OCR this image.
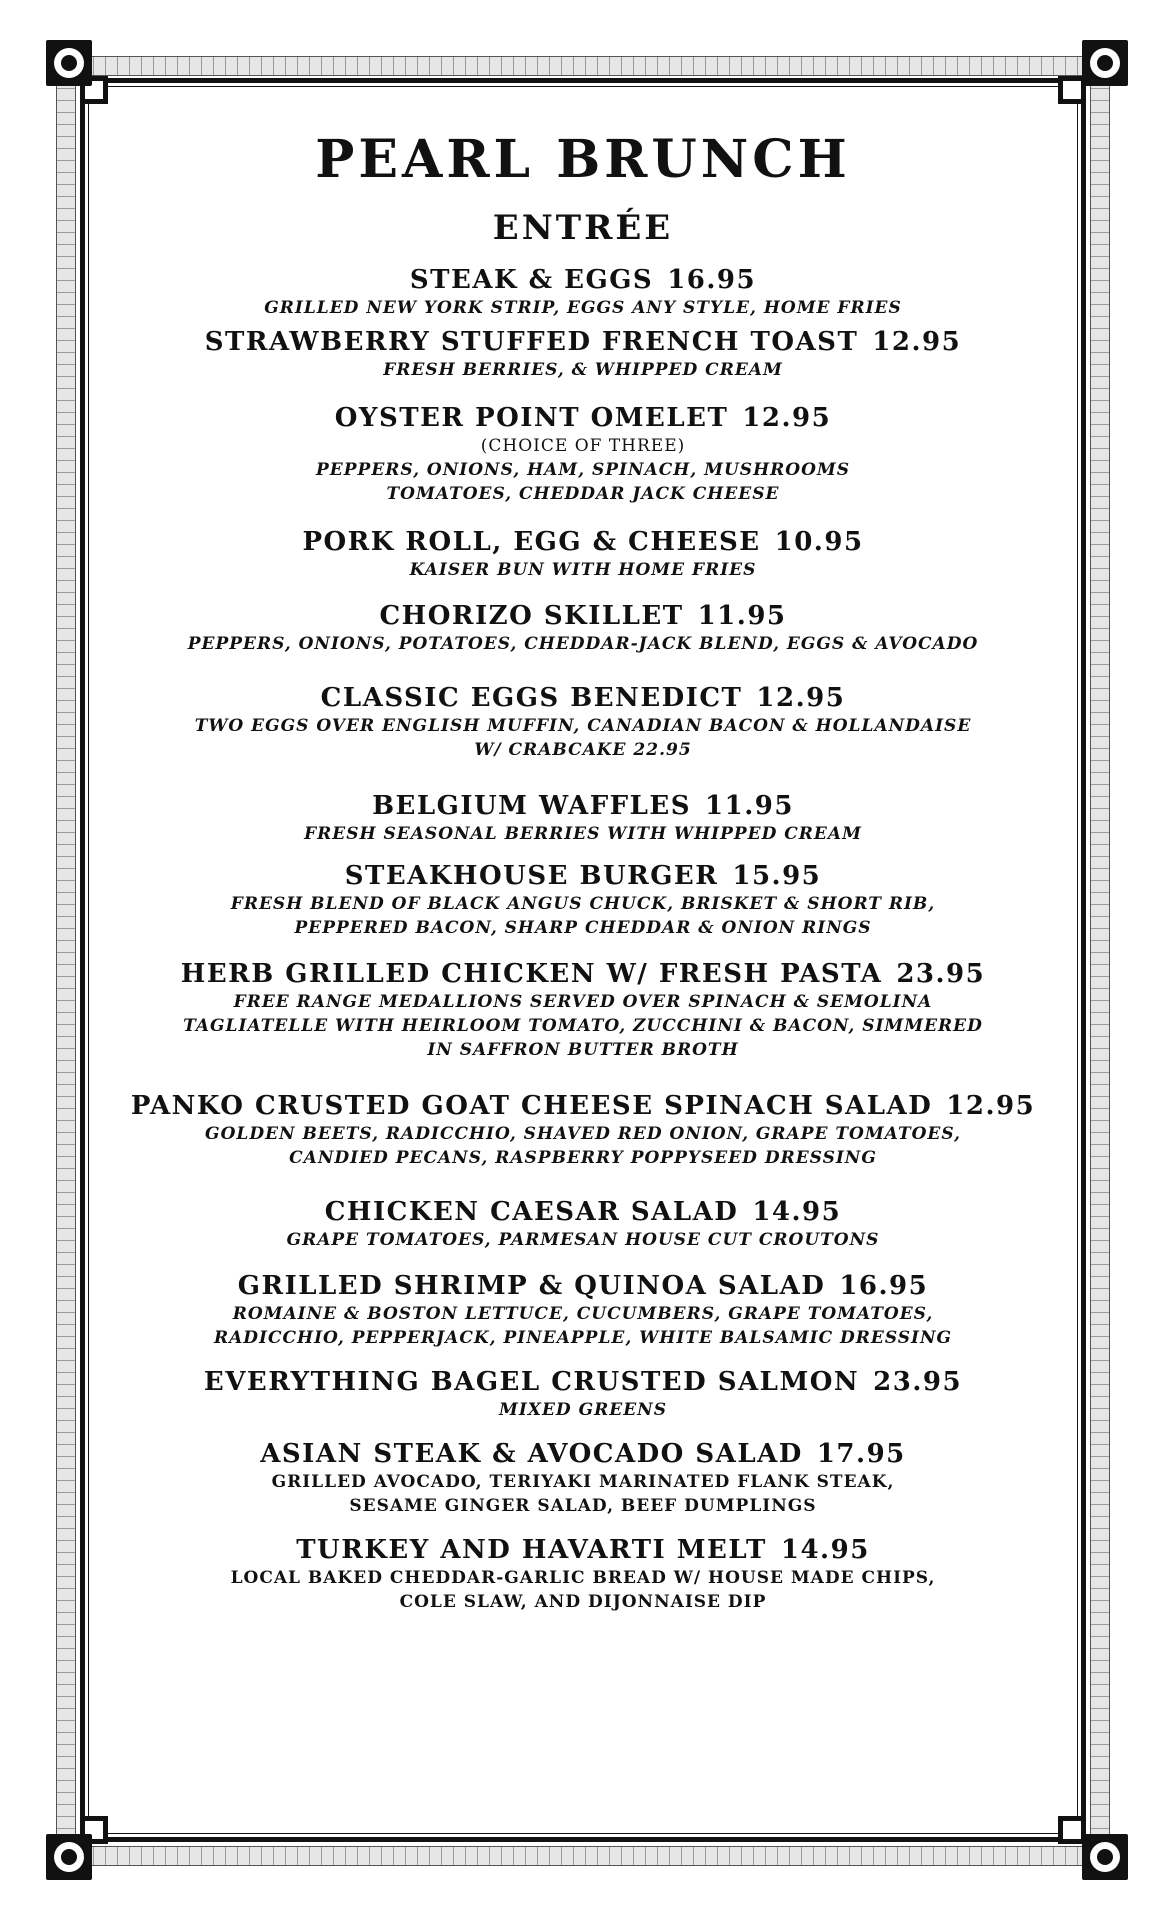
PEARL BRUNCH
ENTRÉE
STEAK & EGGS 16.95
GRILLED NEW YORK STRIP, EGGS ANY STYLE, HOME FRIES
STRAWBERRY STUFFED FRENCH TOAST 12.95
FRESH BERRIES, & WHIPPED CREAM
OYSTER POINT OMELET 12.95
(CHOICE OF THREE)
PEPPERS, ONIONS, HAM, SPINACH, MUSHROOMS
TOMATOES, CHEDDAR JACK CHEESE
PORK ROLL, EGG & CHEESE 10.95
KAISER BUN WITH HOME FRIES
CHORIZO SKILLET 11.95
PEPPERS, ONIONS, POTATOES, CHEDDAR-JACK BLEND, EGGS & AVOCADO
CLASSIC EGGS BENEDICT 12.95
TWO EGGS OVER ENGLISH MUFFIN, CANADIAN BACON & HOLLANDAISE
W/ CRABCAKE 22.95
BELGIUM WAFFLES 11.95
FRESH SEASONAL BERRIES WITH WHIPPED CREAM
STEAKHOUSE BURGER 15.95
FRESH BLEND OF BLACK ANGUS CHUCK, BRISKET & SHORT RIB,
PEPPERED BACON, SHARP CHEDDAR & ONION RINGS
HERB GRILLED CHICKEN W/ FRESH PASTA 23.95
FREE RANGE MEDALLIONS SERVED OVER SPINACH & SEMOLINA
TAGLIATELLE WITH HEIRLOOM TOMATO, ZUCCHINI & BACON, SIMMERED
IN SAFFRON BUTTER BROTH
PANKO CRUSTED GOAT CHEESE SPINACH SALAD 12.95
GOLDEN BEETS, RADICCHIO, SHAVED RED ONION, GRAPE TOMATOES,
CANDIED PECANS, RASPBERRY POPPYSEED DRESSING
CHICKEN CAESAR SALAD 14.95
GRAPE TOMATOES, PARMESAN HOUSE CUT CROUTONS
GRILLED SHRIMP & QUINOA SALAD 16.95
ROMAINE & BOSTON LETTUCE, CUCUMBERS, GRAPE TOMATOES,
RADICCHIO, PEPPERJACK, PINEAPPLE, WHITE BALSAMIC DRESSING
EVERYTHING BAGEL CRUSTED SALMON 23.95
MIXED GREENS
ASIAN STEAK & AVOCADO SALAD 17.95
GRILLED AVOCADO, TERIYAKI MARINATED FLANK STEAK,
SESAME GINGER SALAD, BEEF DUMPLINGS
TURKEY AND HAVARTI MELT 14.95
LOCAL BAKED CHEDDAR-GARLIC BREAD W/ HOUSE MADE CHIPS,
COLE SLAW, AND DIJONNAISE DIP
